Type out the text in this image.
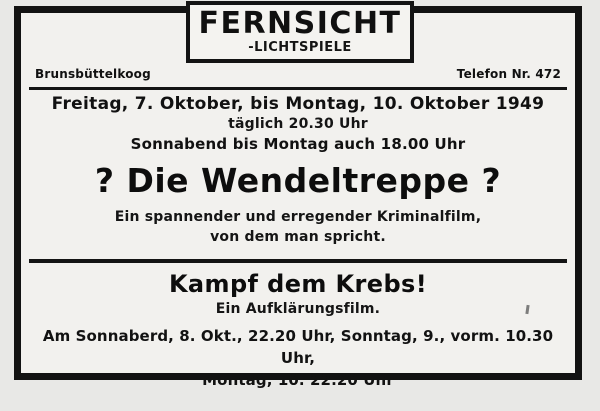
FERNSICHT
-LICHTSPIELE
Brunsbüttelkoog	Telefon Nr. 472
Freitag, 7. Oktober, bis Montag, 10. Oktober 1949
täglich 20.30 Uhr
Sonnabend bis Montag auch 18.00 Uhr
? Die Wendeltreppe ?
Ein spannender und erregender Kriminalfilm,
von dem man spricht.
Kampf dem Krebs!
Ein Aufklärungsfilm.
Am Sonnaberd, 8. Okt., 22.20 Uhr, Sonntag, 9., vorm. 10.30 Uhr,
Montag, 10. 22.20 Uhr
